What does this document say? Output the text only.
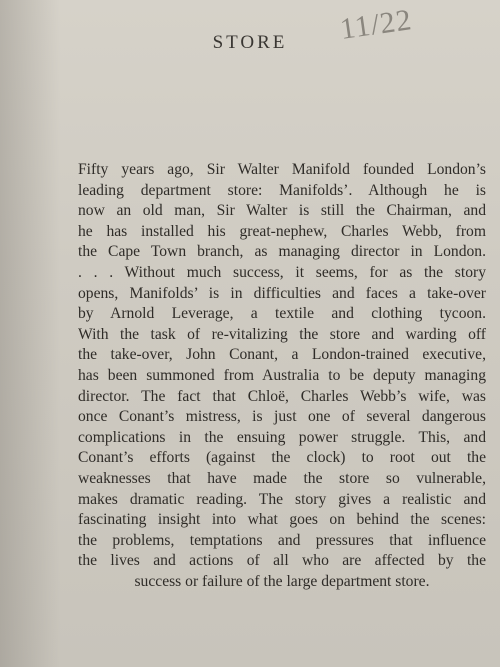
11/22
STORE
Fifty years ago, Sir Walter Manifold founded London’s
leading department store: Manifolds’. Although he is
now an old man, Sir Walter is still the Chairman, and
he has installed his great-nephew, Charles Webb, from
the Cape Town branch, as managing director in London.
. . . Without much success, it seems, for as the story
opens, Manifolds’ is in difficulties and faces a take-over
by Arnold Leverage, a textile and clothing tycoon.
With the task of re-vitalizing the store and warding off
the take-over, John Conant, a London-trained executive,
has been summoned from Australia to be deputy managing
director. The fact that Chloë, Charles Webb’s wife, was
once Conant’s mistress, is just one of several dangerous
complications in the ensuing power struggle. This, and
Conant’s efforts (against the clock) to root out the
weaknesses that have made the store so vulnerable,
makes dramatic reading. The story gives a realistic and
fascinating insight into what goes on behind the scenes:
the problems, temptations and pressures that influence
the lives and actions of all who are affected by the
success or failure of the large department store.
